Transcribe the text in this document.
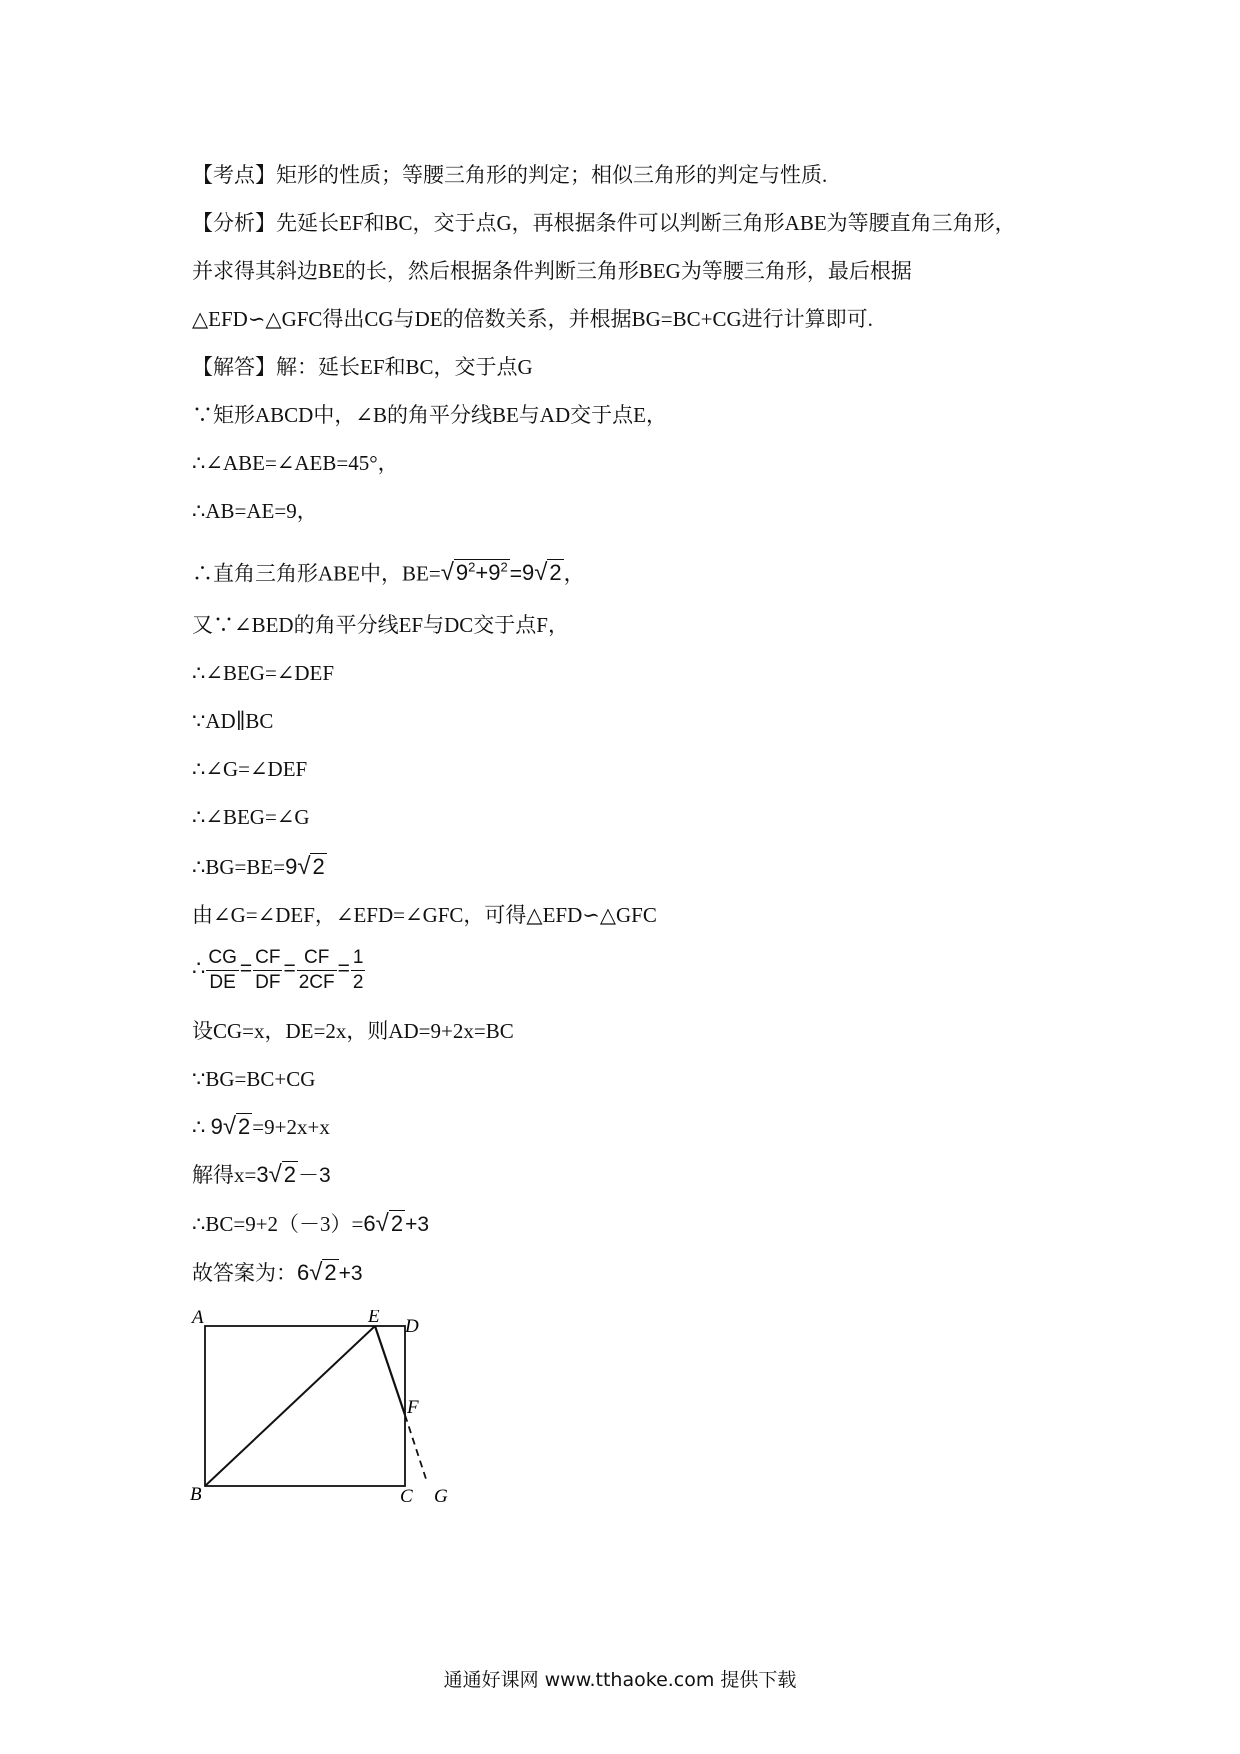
【考点】矩形的性质；等腰三角形的判定；相似三角形的判定与性质.
【分析】先延长EF和BC，交于点G，再根据条件可以判断三角形ABE为等腰直角三角形，
并求得其斜边BE的长，然后根据条件判断三角形BEG为等腰三角形，最后根据
△EFD∽△GFC得出CG与DE的倍数关系，并根据BG=BC+CG进行计算即可.
【解答】解：延长EF和BC，交于点G
∵矩形ABCD中，∠B的角平分线BE与AD交于点E，
∴∠ABE=∠AEB=45°，
∴AB=AE=9，
∴直角三角形ABE中，$BE=√9^2+9^2=9√2$，
又∵∠BED的角平分线EF与DC交于点F，
∴∠BEG=∠DEF
∵AD∥BC
∴∠G=∠DEF
∴∠BEG=∠G
∴BG=BE=9√2
由∠G=∠DEF，∠EFD=∠GFC，可得△EFD∽△GFC
∴ $\frac{CG}{DE} = \frac{CF}{DF} = \frac{CF}{2CF} = \frac{1}{2}$
设CG=x，DE=2x，则AD=9+2x=BC
∵BG=BC+CG
∴ 9√2=9+2x+x
解得x=3√2－3
∴BC=9+2（－3）=6√2+3
故答案为：6√2+3
A	E D
F
B	C G
通通好课网 www.tthaoke.com 提供下载
